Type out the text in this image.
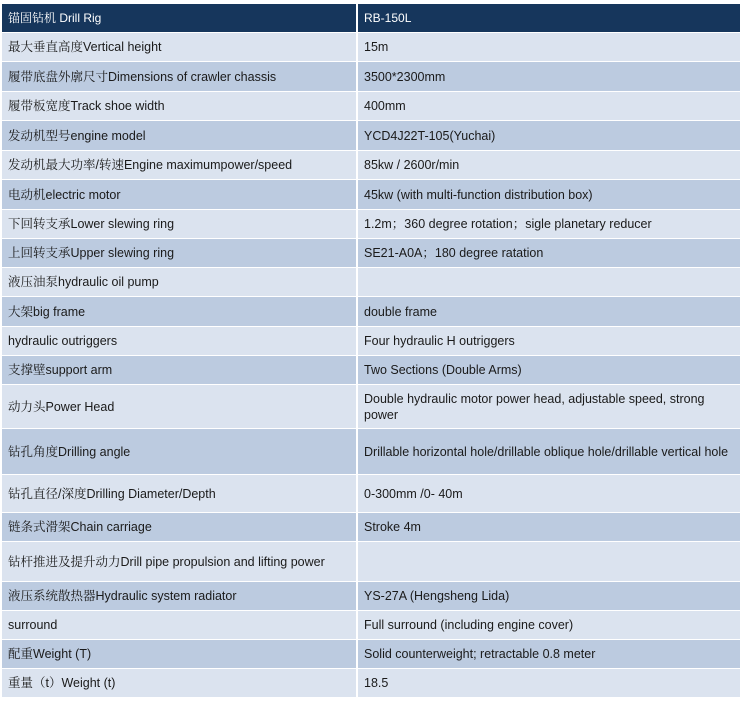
锚固钻机 Drill Rig	RB-150L
最大垂直高度Vertical height	15m
履带底盘外廓尺寸Dimensions of crawler chassis	3500*2300mm
履带板宽度Track shoe width	400mm
发动机型号engine model	YCD4J22T-105(Yuchai)
发动机最大功率/转速Engine maximumpower/speed	85kw / 2600r/min
电动机electric motor	45kw (with multi-function distribution box)
下回转支承Lower slewing ring	1.2m；360 degree rotation；sigle planetary reducer
上回转支承Upper slewing ring	SE21-A0A；180 degree ratation
液压油泵hydraulic oil pump	
大架big frame	double frame
hydraulic outriggers	Four hydraulic H outriggers
支撑壁support arm	Two Sections (Double Arms)
动力头Power Head	Double hydraulic motor power head, adjustable speed, strong power
钻孔角度Drilling angle	Drillable horizontal hole/drillable oblique hole/drillable vertical hole
钻孔直径/深度Drilling Diameter/Depth	0-300mm /0- 40m
链条式滑架Chain carriage	Stroke 4m
钻杆推进及提升动力Drill pipe propulsion and lifting power	
液压系统散热器Hydraulic system radiator	YS-27A (Hengsheng Lida)
surround	Full surround (including engine cover)
配重Weight (T)	Solid counterweight; retractable 0.8 meter
重量（t）Weight (t)	18.5
